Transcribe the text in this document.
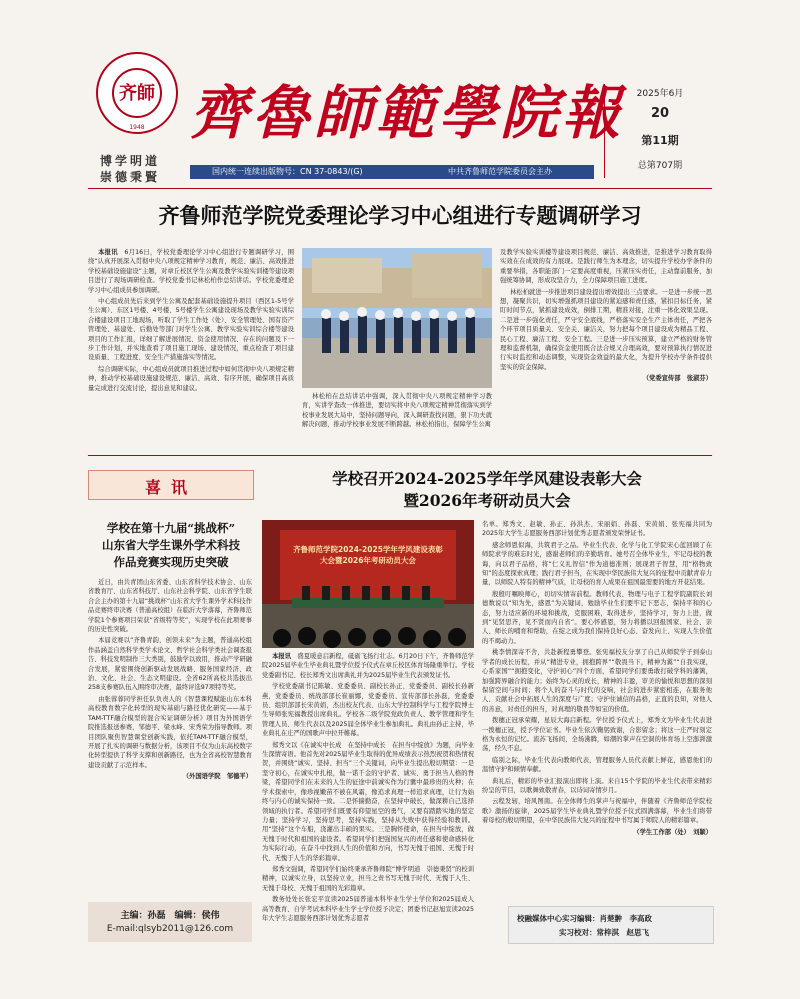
齐師
1948
博学明道
崇德秉賢
齊魯師範學院報
国内统一连续出版物号：CN 37-0843/(G)	中共齐鲁师范学院委员会主办
2025年6月
20
第11期
总第707期
齐鲁师范学院党委理论学习中心组进行专题调研学习

本报讯　 6月16日，学校党委理论学习中心组进行专题调研学习，围绕“认真开展深入贯彻中央八项规定精神学习教育，规范、廉洁、高效推进学校基础设施建设”主题，对章丘校区学生公寓及教学实验实训楼等建设项目进行了现场调研检查。学校党委书记林松柏作总结讲话。学校党委理论学习中心组成员参加调研。

中心组成员先后来到学生公寓及配套基础设施提升项目（西区1-5号学生公寓）、东区1号楼、4号楼、5号楼学生公寓建设现场及教学实验实训综合楼建设项目工地现场，听取了学生工作处（处）、安全管理处、国有资产管理处、基建处、后勤处等部门对学生公寓、教学实验实训综合楼等建设项目的工作汇报，详细了解进展情况、资金使用情况、存在的问题及下一步工作计划，并实地查看了项目施工现场、建设情况，重点检查了项目建设质量、工程进度、安全生产措施落实等情况。

综合调研实际，中心组成员就项目推进过程中如何贯彻中央八项规定精神，推动学校基础设施建设规范、廉洁、高效、有序开展，确保项目高质量完成进行交流讨论，提出意见和建议。

林松柏在总结讲话中强调，深入贯彻中央八项规定精神学习教育，实讲学查改一体推进，要切实将中央八项规定精神贯彻落实到学校事业发展大局中，坚持问题导向，深入调研查找问题，狠下功夫就解决问题，推动学校事业发展不断跨越。林松柏指出，保障学生公寓

及教学实验实训楼等建设项目规范、廉洁、高效推进，是推进学习教育取得实效在在成效的有力展现。是践行师生为本理念，切实提升学校办学条件的重要举措，各职能部门一定要高度重视，压紧压实责任，主动靠前服务，加强统筹协调，形成攻坚合力，全力保障项目施工进度。

林松柏就进一步推进项目建设提出增效提出三点要求。一是进一步统一思想，凝聚共识，切实增强抓项目建设的紧迫感和责任感，紧扣目标任务，紧盯时间节点，紧抓建设成效，倒排工期，精准对接，注重一体化效果呈现。二是进一步强化责任，严守安全底线，严格落实安全生产主体责任，严把各个环节项目质量关、安全关、廉洁关，努力把每个项目建设成为精品工程、民心工程、廉洁工程、安全工程。三是进一步压实预算，建立严格的财务管理和监督机制，确保资金使用既合法合规又合理高效，要对预算执行情况进行实时监控和动态调整，实现资金效益的最大化，为提升学校办学条件提供坚实的资金保障。

（党委宣传部　张淑芬）

喜讯
学校在第十九届“挑战杯”
山东省大学生课外学术科技
作品竞赛实现历史突破

近日，由共青团山东省委、山东省科学技术协会、山东省教育厅、山东省科技厅、山东社会科学院、山东省学生联合会主办的第十九届“挑战杯”山东省大学生课外学术科技作品竞赛终审决赛（普通高校组）在临沂大学落幕，齐鲁师范学院1个参赛项目荣获“省级特等奖”，实现学校在此项赛事的历史性突破。

本届竞赛以“齐鲁青韵，创领未来”为主题，普通高校组作品涵盖自然科学类学术论文、哲学社会科学类社会调查报告、科技发明制作三大类别，鼓励学以致用，推动产学研融合发展，紧密围绕创新驱动发展战略、服务国家经济、政治、文化、社会、生态文明建设。全省62所高校共选拔出258支参赛队伍入围终审决赛，最终评选97项特等奖。

由张蓉蓉同学担任队负责人的《智慧课程赋能山东本科高校教育数字化转型的现实基础与路径优化研究——基于TAM-TTF融合模型的混合实证调研分析》项目为外国语学院推选报送参赛，邹德平、梁永峰、宋秀荣为指导教师。项目团队聚焦智慧课堂创新实践，依托TAM-TTF融合模型，开展了扎实的调研与数据分析，该项目不仅为山东高校数字化转型提供了科学支撑和创新路径，也为全省高校智慧教育建设贡献了示范样本。

（外国语学院　邹德平）

主编：孙磊　编辑：侯伟
E-mail:qlsyb2011@126.com
学校召开2024-2025学年学风建设表彰大会
暨2026年考研动员大会
齐鲁师范学院2024-2025学年学风建设表彰大会暨2026年考研动员大会

本报讯　 盛夏暖意启新程，砥砺飞扬行壮志。6月20日下午，齐鲁师范学院2025届毕业生毕业典礼暨学位授予仪式在章丘校区体育场隆重举行。学校党委副书记、校长郑秀文出席典礼并为2025届毕业生代表颁发证书。

学校党委副书记陈敏、党委委员、副校长孙正、党委委员、副校长孙新燕，党委委员、统战部部长崔丽娜，党委委员、宣传部部长孙磊，党委委员、组织部部长宋黄娟，杰出校友代表、山东大学控制科学与工程学院博士生导师张宪福教授出席典礼。学校各二级学院党政负责人、教学管理和学生管理人员、师生代表以及2025届全体毕业生参加典礼。典礼由孙正主持，毕业典礼在庄严的国歌声中拉开帷幕。

郑秀文以《在诚实中长成　在坚持中成长　在担当中绽放》为题，向毕业生深情寄语。他首先对2025届毕业生取得的优异成绩表示热烈祝贺和热情祝贺，并围绕“诚实、坚持、担当”三个关键词，向毕业生提出殷切期望：一是坚守初心，在诚实中扎根，做一诺千金的守护者、诚实、勇于担当人格的脊梁，希望同学们在未来的人生的征途中前诚实作为行囊中最珍贵的火种；在学术探索中，像珍视嫩苗不被在风霜，像追求真理一样追求真理，让行为始终与内心的诚实保持一致。二是怀揣勤奋，在坚持中破长，做深耕自己选择领域的执行者。希望同学们既要有仰望星空的勇气，又要有踏踏实地的坚定力量；坚持学习，坚持思考，坚持实践，坚持从失败中获得经验和教训。用“坚持”这个车船，浇灌出丰硕的果实。三是胸怀使命，在担当中绽放，做无愧于时代和祖国的建设者。希望同学们把强国复兴的责任感和使命感转化为实际行动，在奋斗中找到人生的价值和方向，书写无愧于祖国、无愧于时代、无愧于人生的华彩篇章。

郑秀文强调，希望同学们始终秉承齐鲁师院“博学明道　崇德秉贤”的校训精神，以诚实立身，以坚持立业，担当之责书写无愧于时代、无愧于人生、无愧于母校、无愧于祖国的光彩篇章。

教务处处长张宏平宣读2025届普通本科毕业生学士学位和2025届成人高等教育、自学考试本科毕业生学士学位授予决定；团委书记赵旭宣读2025年大学生志愿服务西部计划优秀志愿者

名单。郑秀文、赵敏、孙正、孙洪杰、宋丽娟、孙磊、宋黄娟、张宪福共同为2025年大学生志愿服务西部计划优秀志愿者颁发荣誉证书。

感念师恩似海，共筑君子之品。毕业生代表、化学与化工学院宋心蓝回顾了在师院求学的难忘时光，感谢老师们的辛勤培育。她号召全体毕业生，牢记母校的教诲，向以君子品格，将“仁义礼智信”作为道德准则；展现君子智慧，用“格物致知”的态度探索真理；践行君子担当，在实现中华民族伟大复兴的征程中贡献青春力量，以师院人特有的精神气质，让母校的育人成果在祖国最需要的地方开花结果。

殷殷叮嘱映师心，切切实情寄前程。教师代表、物理与电子工程学院副院长刘德数说以“知为先，感恩”为关键词，勉励毕业生们要牢记下恶志，保持平和的心态，努力适应新的环境和挑战，克服困难，取得进步，坚持学习，努力上进，做到“见贤思齐，见不贤而内自省”。要心怀感恩，努力将播以回报国家、社会、亲人、师长的哺育和帮助，在绽之成为我们保持良好心态、奋发向上、实现人生价值的不竭动力。

桃李情深寄不舍，共赴新程勇攀登。张宪福校友分享了自己从师院学子到泰山学者的成长历程，并从“精进专业，拥抱跨界”“敬畏当下，精神为翼”“自我实现，心系家国”“拥抱变化，守护初心”四个方面，希望同学们要勇敢打破学科的藩篱，加强跨界融合的能力；始终为心灵的成长，精神的丰盈，审美的愉悦和思想的深刻保留空间与时间；将个人的奋斗与时代的交响，社会的进步紧密相连，在服务他人、贡献社会中拓展人生的深度与广度；守护住诚信的品格，正直的良知，对他人的善意，对责任的担当，对真理的敬畏等如宝的价值。

拨穗正冠承荣耀，星辰大海启新程。学位授予仪式上，郑秀文为毕业生代表进一拨穗正冠，授予学位证书。毕业生依次鞠躬致谢，合影留念；将这一庄严时刻定格为永恒的记忆。流苏飞扬间，全场沸腾，如潮的掌声在空洞的体育场上空澎湃激荡，经久不息。

临别之际，毕业生代表向教师代表，管理服务人员代表献上鲜花，感恩他们的温情守护和倾情奉献。

典礼后，精彩的毕业汇报演出即将上演。来自15个学院的毕业生代表带来精彩纷呈的节目，以歌舞致敬青春，以诗词寄情岁月。

云程发轫，培风图南。在全体师生的掌声与祝福中，伴随着《齐鲁师范学院校歌》激扬的旋律，2025届学生毕业典礼暨学位授予仪式圆满落幕，毕业生们将带着母校的殷切期望，在中华民族伟大复兴的征程中书写属于师院人的精彩篇章。

（学生工作部（处）　刘颖）

校融媒体中心实习编辑：肖楚翀　李高政
实习校对：常梓淇　赵思飞
